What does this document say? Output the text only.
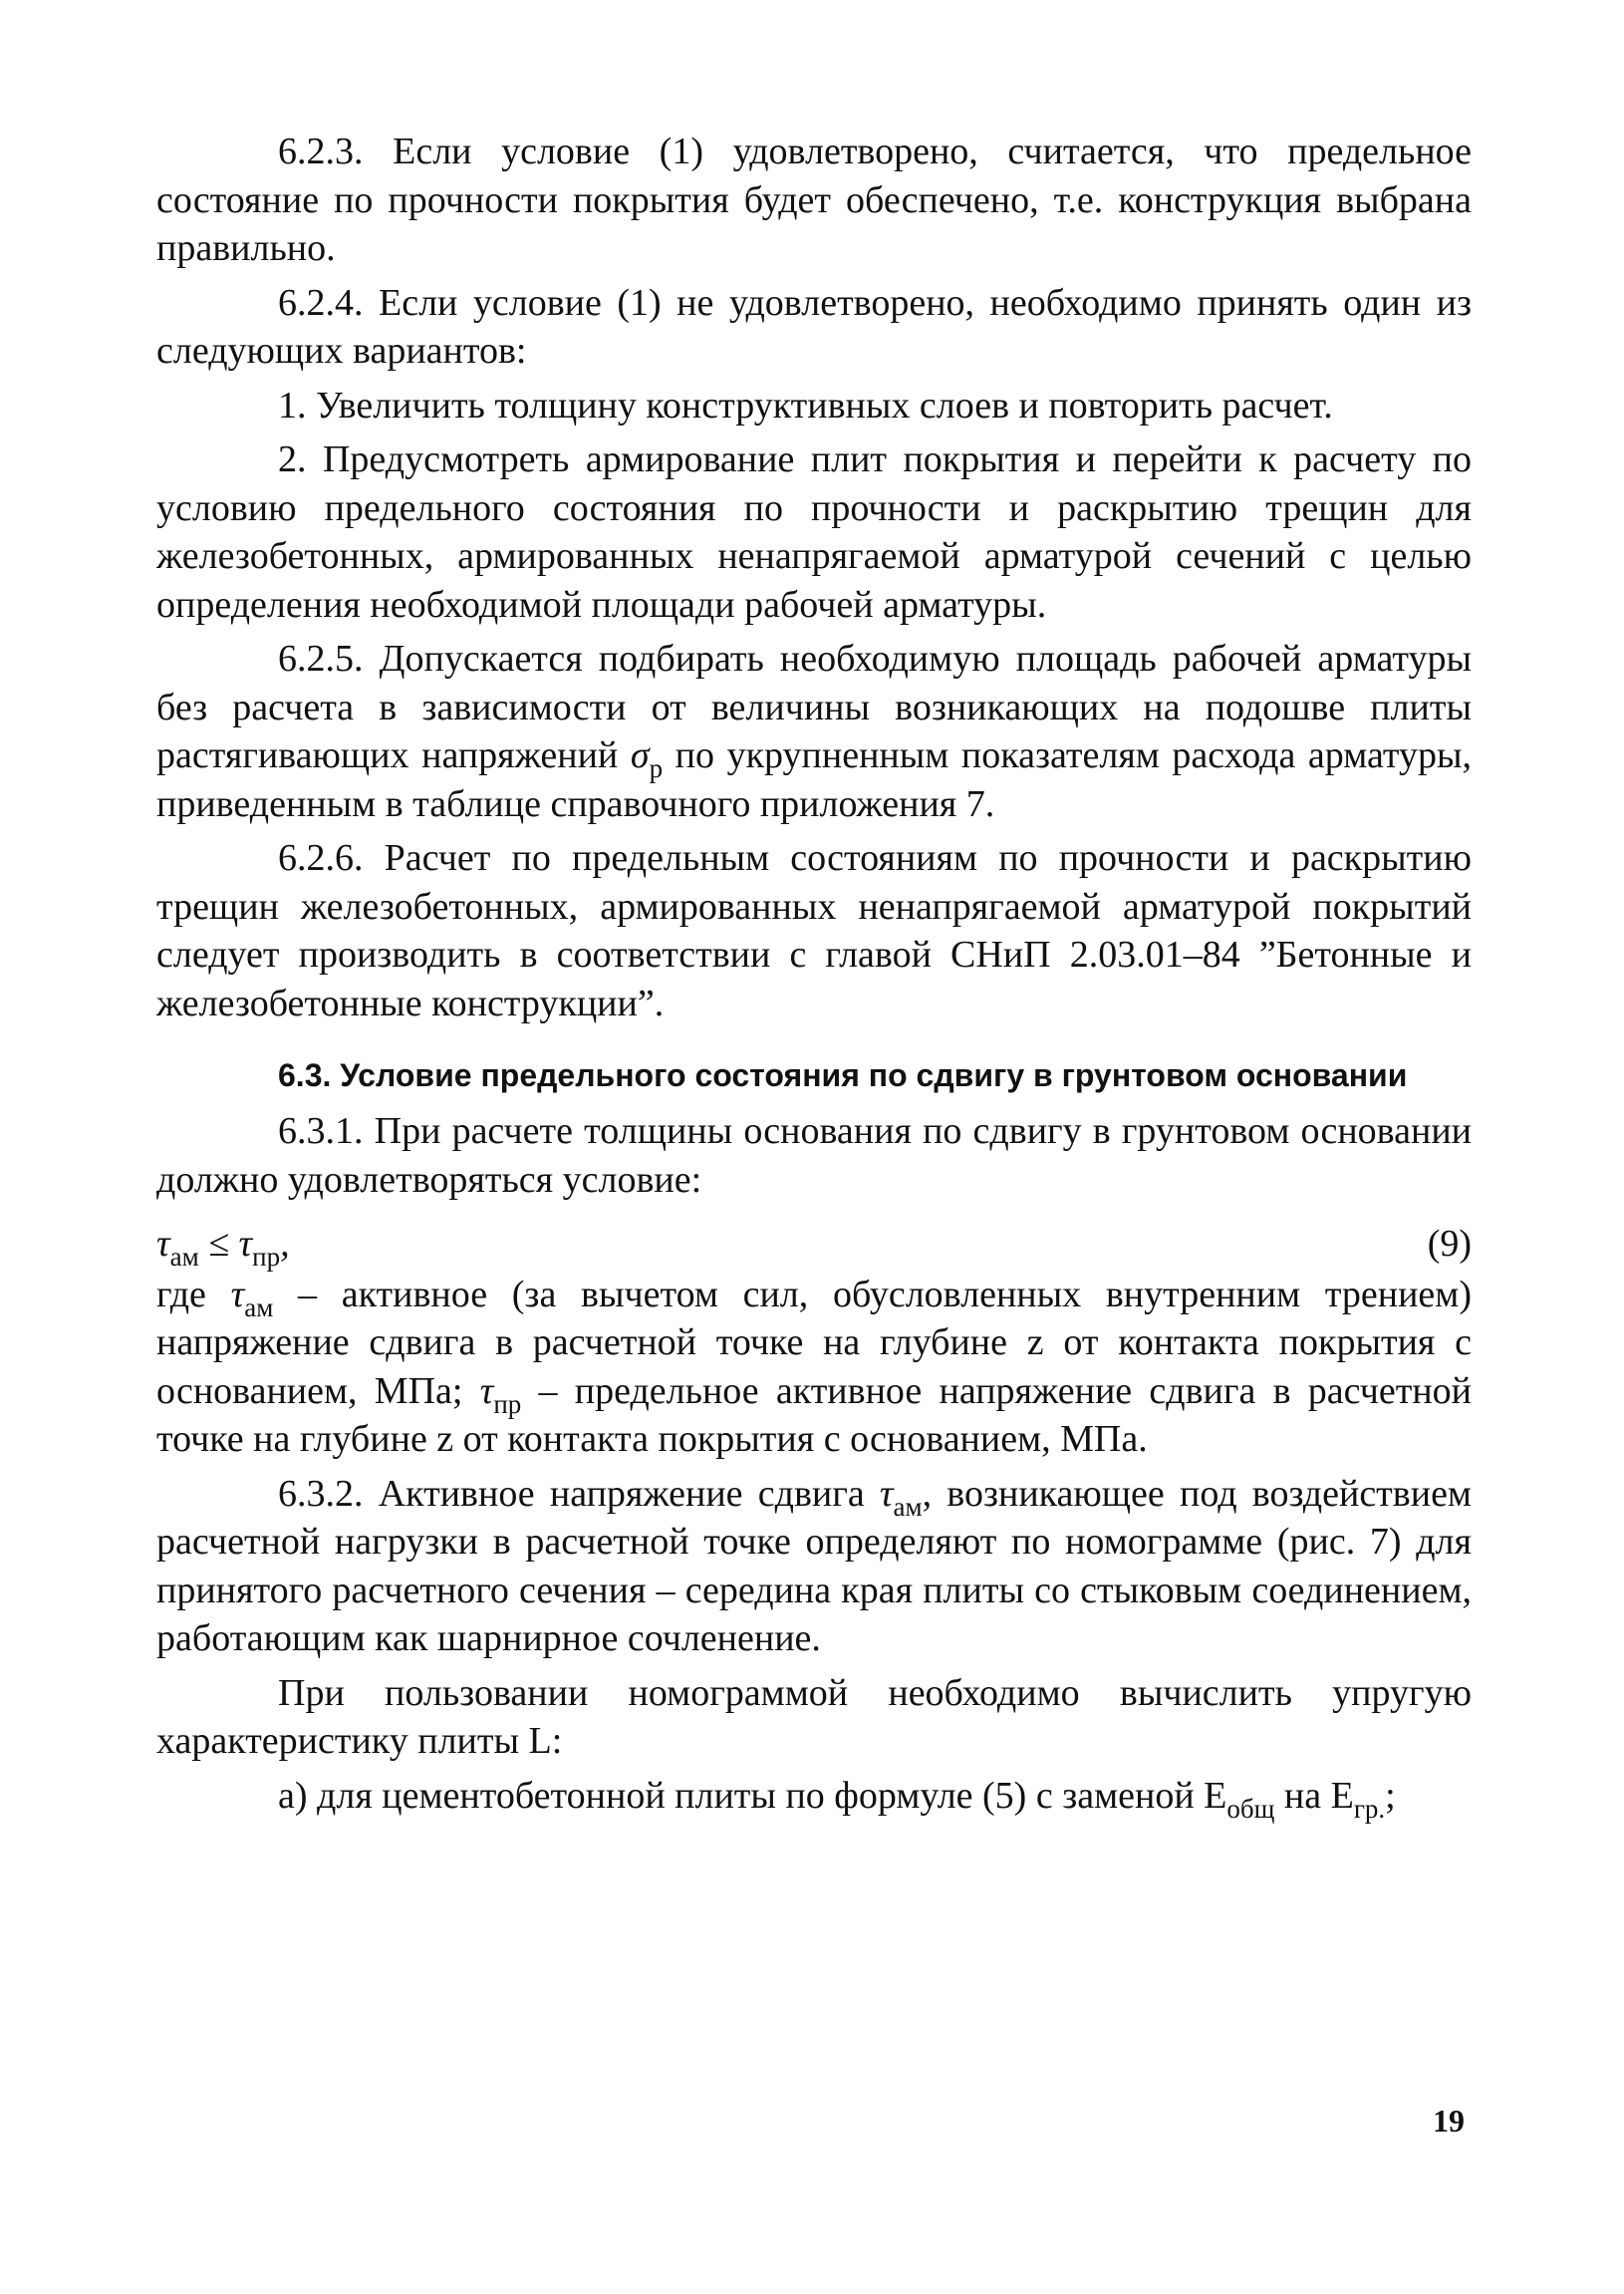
6.2.3. Если условие (1) удовлетворено, считается, что предельное состояние по прочности покрытия будет обеспечено, т.е. конструкция выбрана правильно.

6.2.4. Если условие (1) не удовлетворено, необходимо принять один из следующих вариантов:

1. Увеличить толщину конструктивных слоев и повторить расчет.

2. Предусмотреть армирование плит покрытия и перейти к расчету по условию предельного состояния по прочности и раскрытию трещин для железобетонных, армированных ненапрягаемой арматурой сечений с целью определения необходимой площади рабочей арматуры.

6.2.5. Допускается подбирать необходимую площадь рабочей арматуры без расчета в зависимости от величины возникающих на подошве плиты растягивающих напряжений $\sigma_р$ по укрупненным показателям расхода арматуры, приведенным в таблице справочного приложения 7.

6.2.6. Расчет по предельным состояниям по прочности и раскрытию трещин железобетонных, армированных ненапрягаемой арматурой покрытий следует производить в соответствии с главой СНиП 2.03.01–84 ”Бетонные и железобетонные конструкции”.

6.3. Условие предельного состояния по сдвигу в грунтовом основании

6.3.1. При расчете толщины основания по сдвигу в грунтовом основании должно удовлетворяться условие:

$\tau_{ам} \le \tau_{пр}$,	(9)

где $\tau_{ам}$ – активное (за вычетом сил, обусловленных внутренним трением) напряжение сдвига в расчетной точке на глубине z от контакта покрытия с основанием, МПа; $\tau_{пр}$ – предельное активное напряжение сдвига в расчетной точке на глубине z от контакта покрытия с основанием, МПа.

6.3.2. Активное напряжение сдвига $\tau_{ам}$, возникающее под воздействием расчетной нагрузки в расчетной точке определяют по номограмме (рис. 7) для принятого расчетного сечения – середина края плиты со стыковым соединением, работающим как шарнирное сочленение.

При пользовании номограммой необходимо вычислить упругую характеристику плиты L:

а) для цементобетонной плиты по формуле (5) с заменой $Е_{общ}$ на $Е_{гр.}$;

19
